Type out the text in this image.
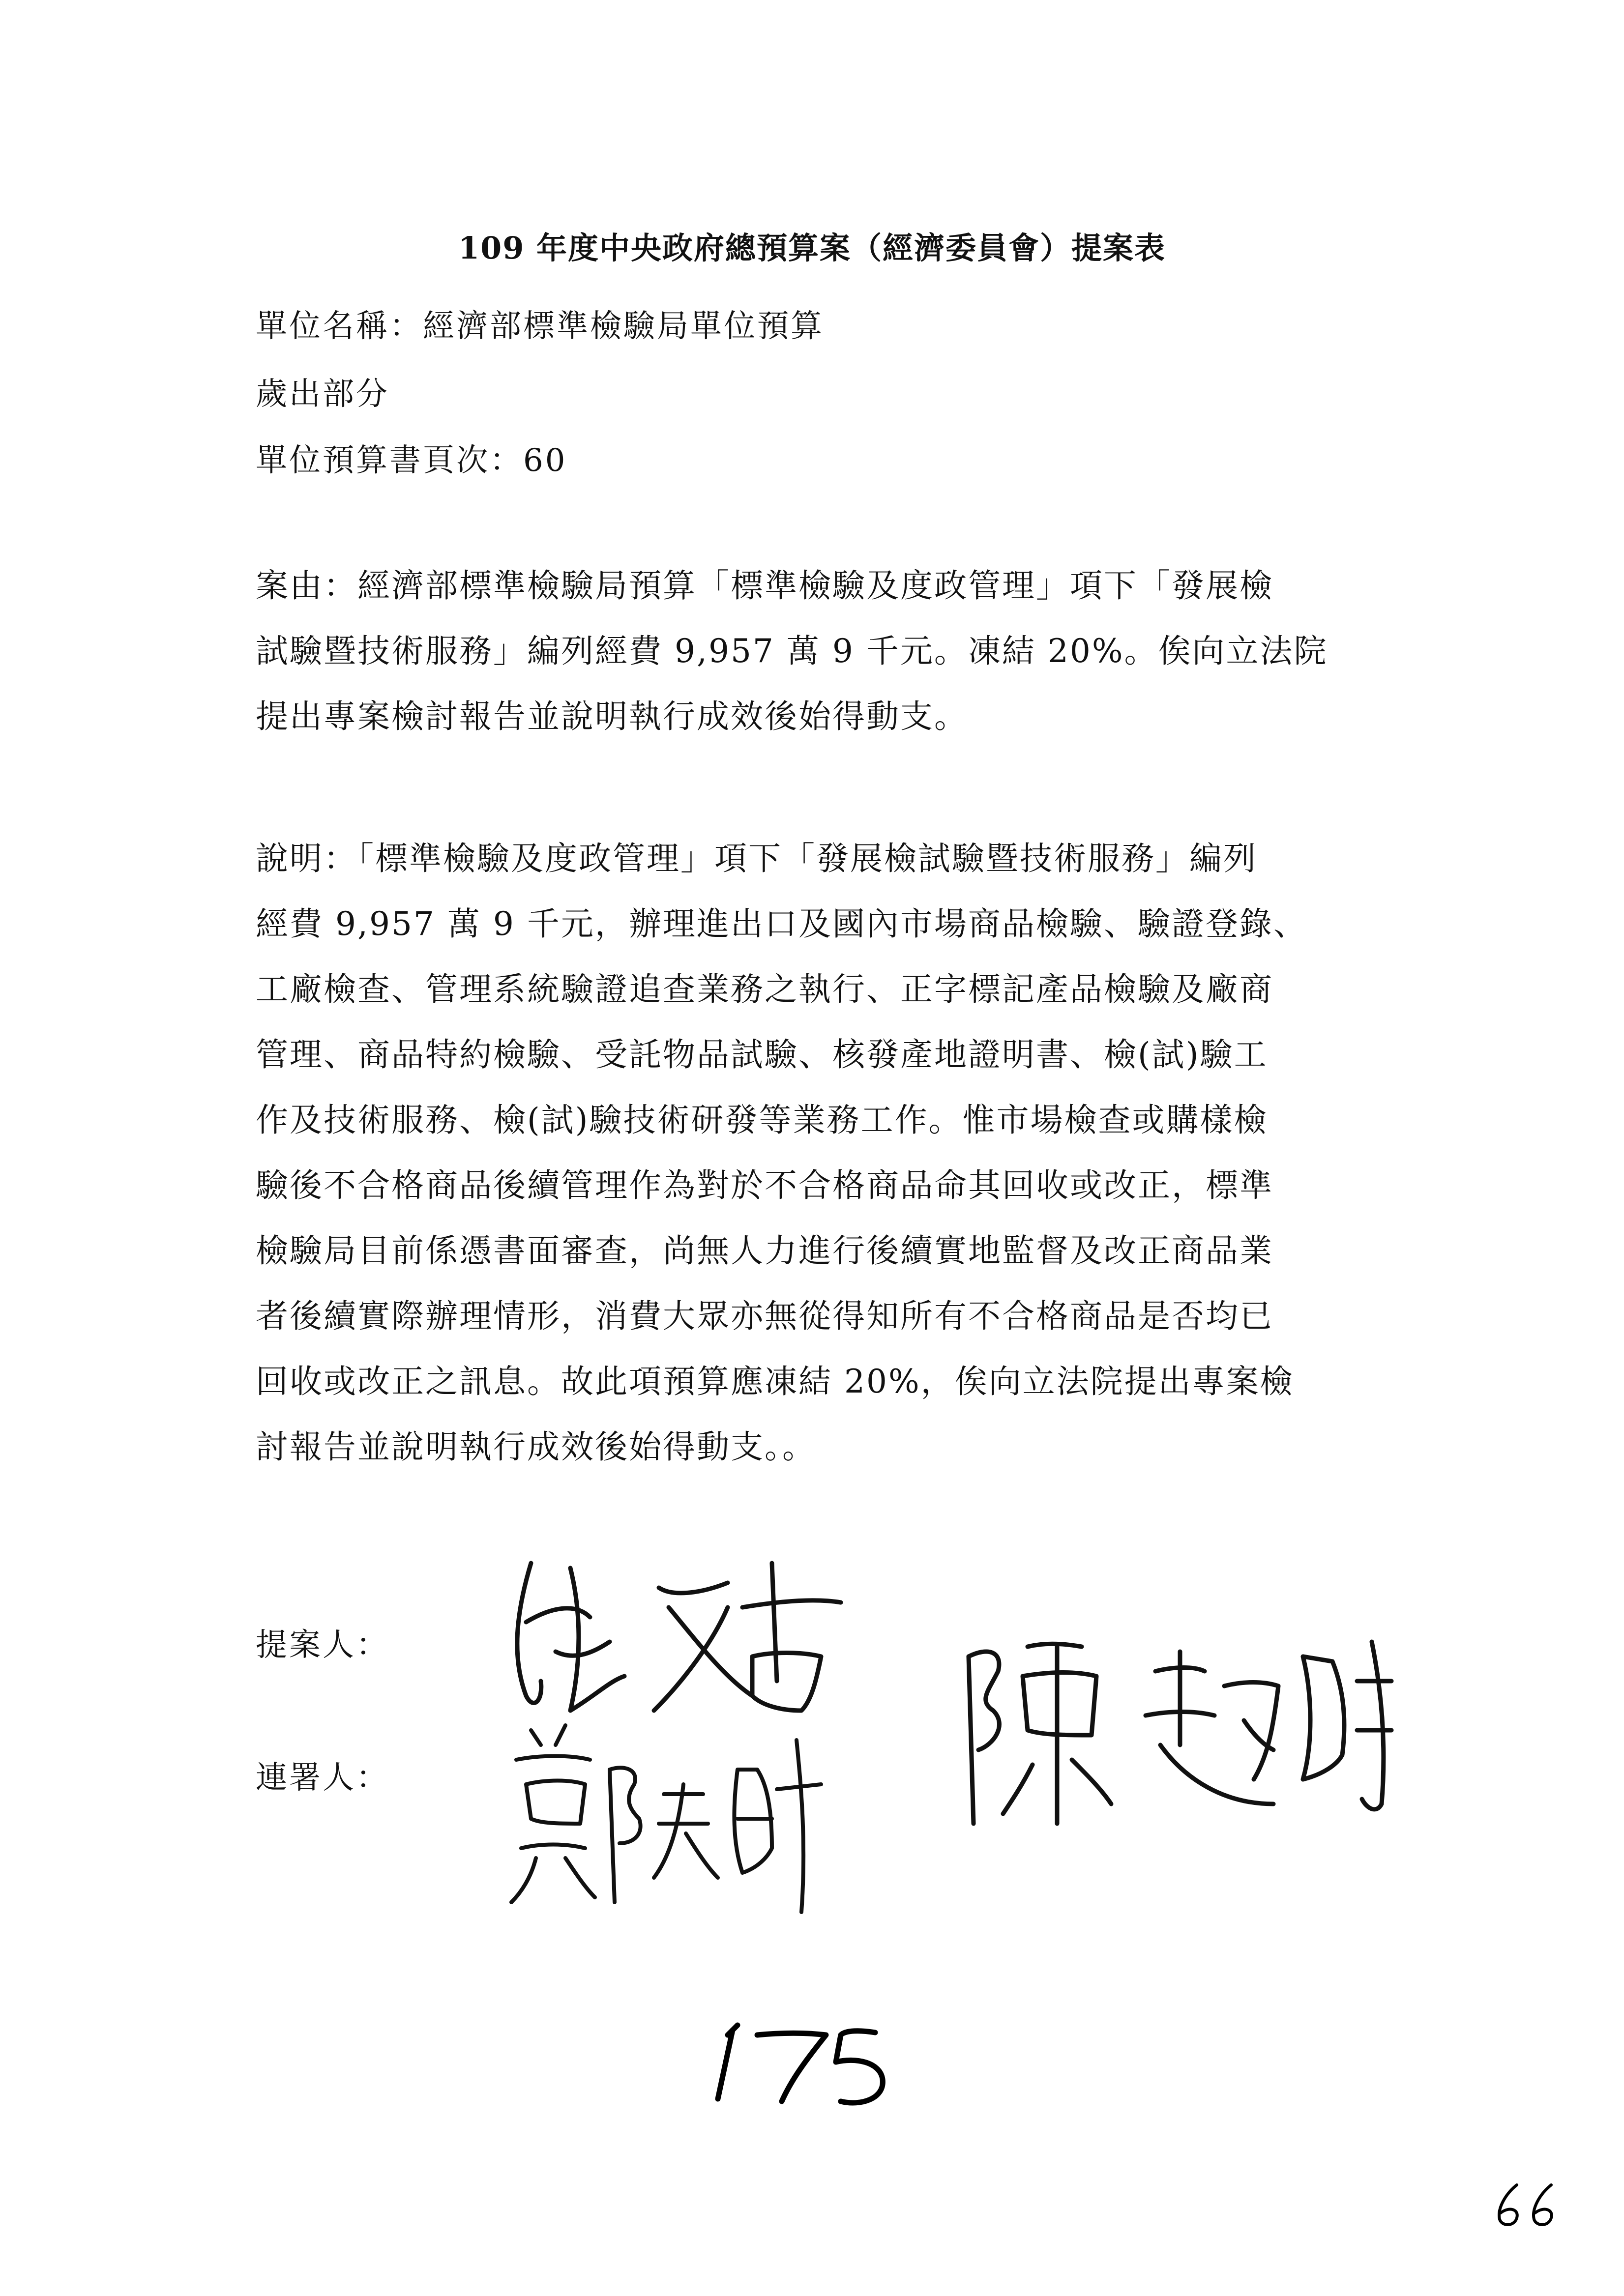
109 年度中央政府總預算案（經濟委員會）提案表
單位名稱：經濟部標準檢驗局單位預算
歲出部分
單位預算書頁次：60
案由：經濟部標準檢驗局預算「標準檢驗及度政管理」項下「發展檢
試驗暨技術服務」編列經費 9,957 萬 9 千元。凍結 20%。俟向立法院
提出專案檢討報告並說明執行成效後始得動支。
說明：「標準檢驗及度政管理」項下「發展檢試驗暨技術服務」編列
經費 9,957 萬 9 千元，辦理進出口及國內市場商品檢驗、驗證登錄、
工廠檢查、管理系統驗證追查業務之執行、正字標記產品檢驗及廠商
管理、商品特約檢驗、受託物品試驗、核發產地證明書、檢(試)驗工
作及技術服務、檢(試)驗技術研發等業務工作。惟市場檢查或購樣檢
驗後不合格商品後續管理作為對於不合格商品命其回收或改正，標準
檢驗局目前係憑書面審查，尚無人力進行後續實地監督及改正商品業
者後續實際辦理情形，消費大眾亦無從得知所有不合格商品是否均已
回收或改正之訊息。故此項預算應凍結 20%，俟向立法院提出專案檢
討報告並說明執行成效後始得動支。。
提案人：
連署人：
